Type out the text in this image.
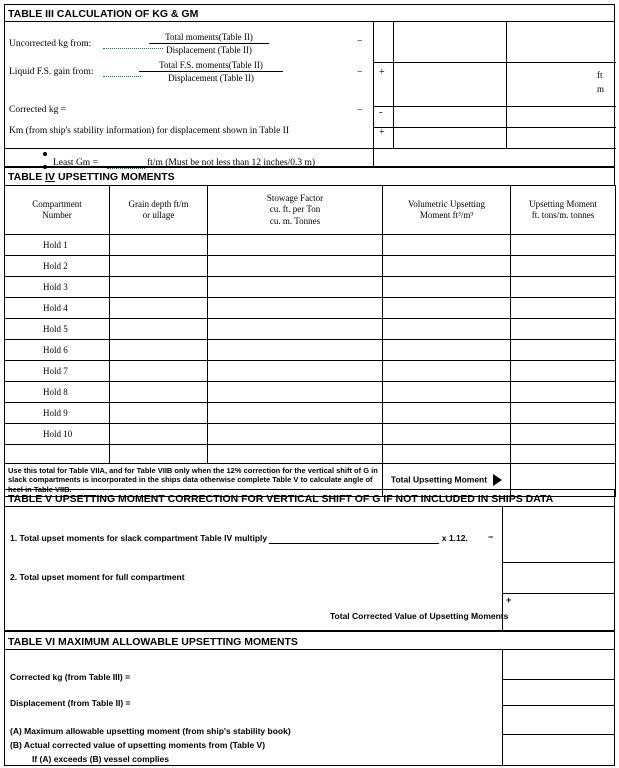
TABLE III CALCULATION OF KG & GM
Uncorrected kg from:
Total moments(Table II)
Displacement (Table II)
−
Liquid F.S. gain from:
Total F.S. moments(Table II)
Displacement (Table II)	− +	ft
m
Corrected kg =	− -
Km (from ship's stability information) for displacement shown in Table II	+
Least Gm =	ft/m (Must be not less than 12 inches/0.3 m)
TABLE IV UPSETTING MOMENTS
Compartment
Number

Grain depth ft/m
or ullage

Stowage Factor
cu. ft. per Ton
cu. m. Tonnes

Volumetric Upsetting
Moment ft³/m³

Upsetting Moment
ft. tons/m. tonnes

Hold 1				
Hold 2				
Hold 3				
Hold 4				
Hold 5				
Hold 6				
Hold 7				
Hold 8				
Hold 9				
Hold 10				

Use this total for Table VIIA, and for Table VIIB only when the 12% correction for the vertical shift of G in slack compartments is incorporated in the ships data otherwise complete Table V to calculate angle of heel in Table VIIB.			Total Upsetting Moment	
TABLE V UPSETTING MOMENT CORRECTION FOR VERTICAL SHIFT OF G IF NOT INCLUDED IN SHIPS DATA
1. Total upset moments for slack compartment Table IV multiply	x 1.12. −
2. Total upset moment for full compartment
+
Total Corrected Value of Upsetting Moments
TABLE VI MAXIMUM ALLOWABLE UPSETTING MOMENTS
Corrected kg (from Table III) =
Displacement (from Table II) =
(A) Maximum allowable upsetting moment (from ship's stability book)
(B) Actual corrected value of upsetting moments from (Table V)
If (A) exceeds (B) vessel complies
